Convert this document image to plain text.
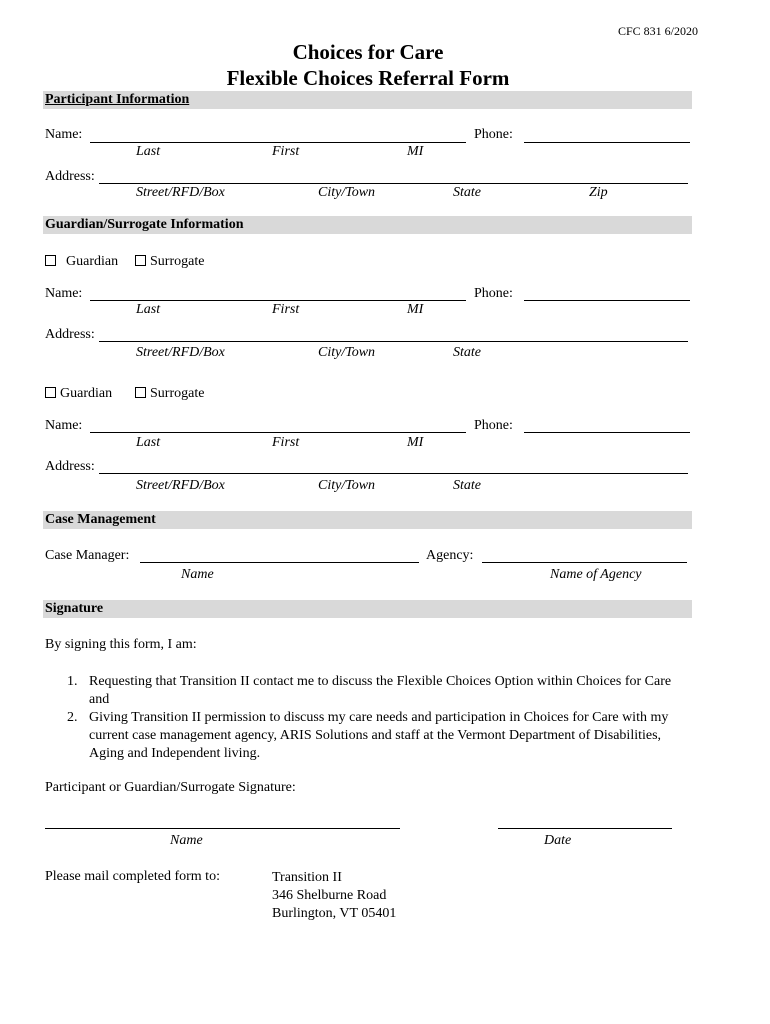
CFC 831 6/2020
Choices for Care
Flexible Choices Referral Form
Participant Information
Name:	Phone:
Last	First	MI
Address:
Street/RFD/Box	City/Town	State	Zip
Guardian/Surrogate Information
Guardian	Surrogate
Name:	Phone:
Last	First	MI
Address:
Street/RFD/Box	City/Town	State
Guardian	Surrogate
Name:	Phone:
Last	First	MI
Address:
Street/RFD/Box	City/Town	State
Case Management
Case Manager:	Agency:
Name	Name of Agency
Signature
By signing this form, I am:
1. Requesting that Transition II contact me to discuss the Flexible Choices Option within Choices for Care and
2. Giving Transition II permission to discuss my care needs and participation in Choices for Care with my current case management agency, ARIS Solutions and staff at the Vermont Department of Disabilities, Aging and Independent living.
Participant or Guardian/Surrogate Signature:
Name	Date
Please mail completed form to:	Transition II
346 Shelburne Road
Burlington, VT 05401
